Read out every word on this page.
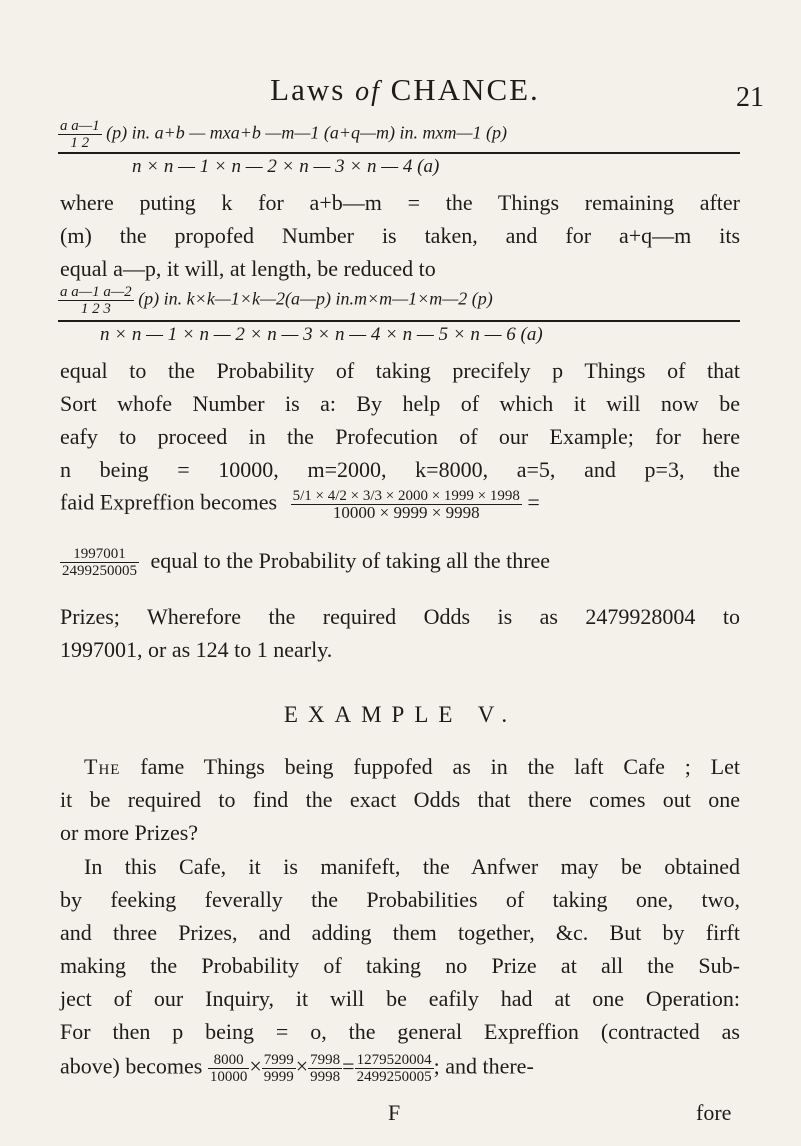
Laws of CHANCE.	21
$\frac{\text{a a—1}}{1 2} (p)$ in. a+b — mxa+b —m—1 (a+q—m) in. mxm—1 (p)
n × n — 1 × n — 2 × n — 3 × n — 4 (a)
where puting k for a+b—m = the Things remaining after
(m) the propofed Number is taken, and for a+q—m its
equal a—p, it will, at length, be reduced to
$\frac{\text{a a—1 a—2}}{1 2 3} (p)$ in. k×k—1×k—2(a—p) in.m×m—1×m—2 (p)
n × n — 1 × n — 2 × n — 3 × n — 4 × n — 5 × n — 6 (a)
equal to the Probability of taking precifely p Things of that
Sort whofe Number is a: By help of which it will now be
eafy to proceed in the Profecution of our Example; for here
n being = 10000, m=2000, k=8000, a=5, and p=3, the
faid Expreffion becomes $\frac{5/1 \times 4/2 \times 3/3 \times 2000 \times 1999 \times 1998}{10000 \times 9999 \times 9998}$ =
$\frac{1997001}{2499250005}$ equal to the Probability of taking all the three
Prizes; Wherefore the required Odds is as 2479928004 to
1997001, or as 124 to 1 nearly.
EXAMPLE V.
The fame Things being fuppofed as in the laft Cafe ; Let
it be required to find the exact Odds that there comes out one
or more Prizes?
In this Cafe, it is manifeft, the Anfwer may be obtained
by feeking feverally the Probabilities of taking one, two,
and three Prizes, and adding them together, &c. But by firft
making the Probability of taking no Prize at all the Sub-
ject of our Inquiry, it will be eafily had at one Operation:
For then p being = o, the general Expreffion (contracted as
above) becomes $\frac{8000}{10000} \times \frac{7999}{9999} \times \frac{7998}{9998} = \frac{1279520004}{2499250005}$ ; and there-
F	fore
